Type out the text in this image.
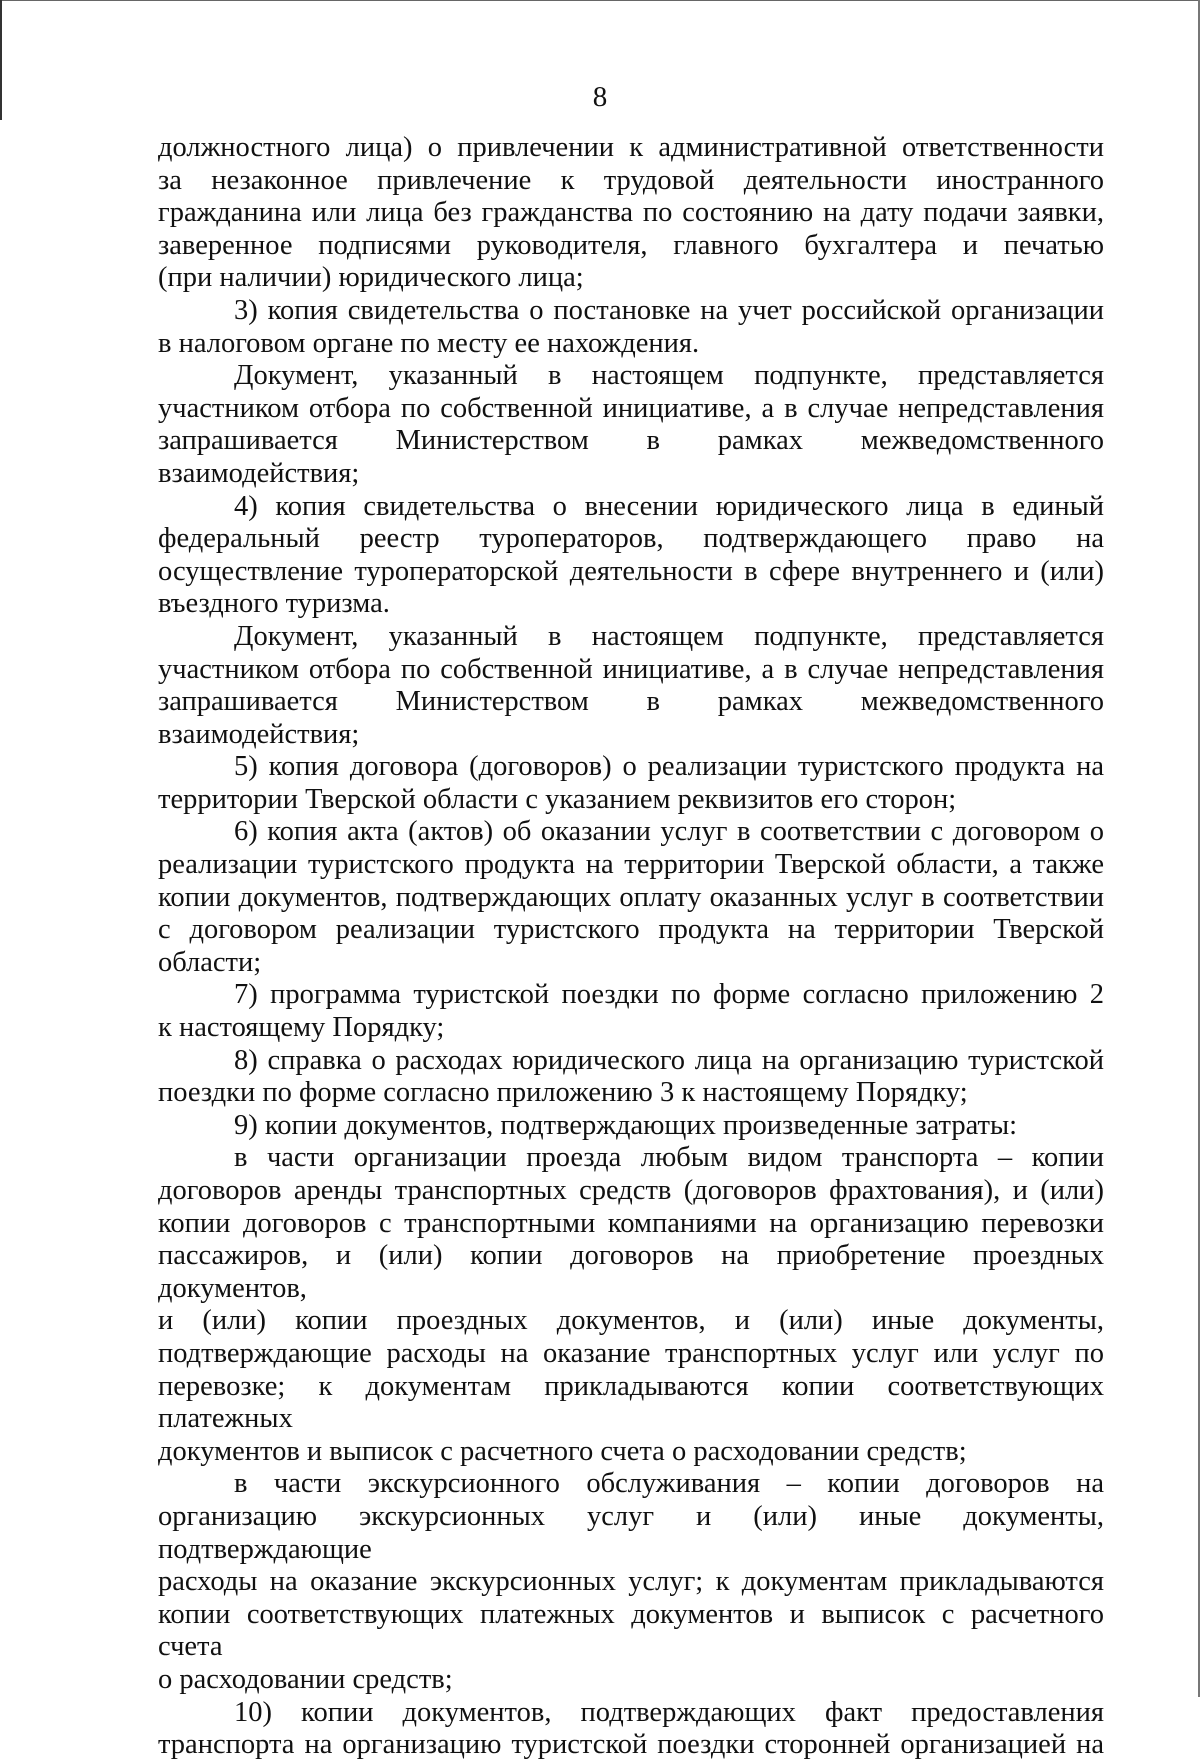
8
должностного лица) о привлечении к административной ответственности
за незаконное привлечение к трудовой деятельности иностранного
гражданина или лица без гражданства по состоянию на дату подачи заявки,
заверенное подписями руководителя, главного бухгалтера и печатью
(при наличии) юридического лица;
3) копия свидетельства о постановке на учет российской организации
в налоговом органе по месту ее нахождения.
Документ, указанный в настоящем подпункте, представляется
участником отбора по собственной инициативе, а в случае непредставления
запрашивается Министерством в рамках межведомственного взаимодействия;
4) копия свидетельства о внесении юридического лица в единый
федеральный реестр туроператоров, подтверждающего право на
осуществление туроператорской деятельности в сфере внутреннего и (или)
въездного туризма.
Документ, указанный в настоящем подпункте, представляется
участником отбора по собственной инициативе, а в случае непредставления
запрашивается Министерством в рамках межведомственного взаимодействия;
5) копия договора (договоров) о реализации туристского продукта на
территории Тверской области с указанием реквизитов его сторон;
6) копия акта (актов) об оказании услуг в соответствии с договором о
реализации туристского продукта на территории Тверской области, а также
копии документов, подтверждающих оплату оказанных услуг в соответствии
с договором реализации туристского продукта на территории Тверской
области;
7) программа туристской поездки по форме согласно приложению 2
к настоящему Порядку;
8) справка о расходах юридического лица на организацию туристской
поездки по форме согласно приложению 3 к настоящему Порядку;
9) копии документов, подтверждающих произведенные затраты:
в части организации проезда любым видом транспорта – копии
договоров аренды транспортных средств (договоров фрахтования), и (или)
копии договоров с транспортными компаниями на организацию перевозки
пассажиров, и (или) копии договоров на приобретение проездных документов,
и (или) копии проездных документов, и (или) иные документы,
подтверждающие расходы на оказание транспортных услуг или услуг по
перевозке; к документам прикладываются копии соответствующих платежных
документов и выписок с расчетного счета о расходовании средств;
в части экскурсионного обслуживания – копии договоров на
организацию экскурсионных услуг и (или) иные документы, подтверждающие
расходы на оказание экскурсионных услуг; к документам прикладываются
копии соответствующих платежных документов и выписок с расчетного счета
о расходовании средств;
10) копии документов, подтверждающих факт предоставления
транспорта на организацию туристской поездки сторонней организацией на
